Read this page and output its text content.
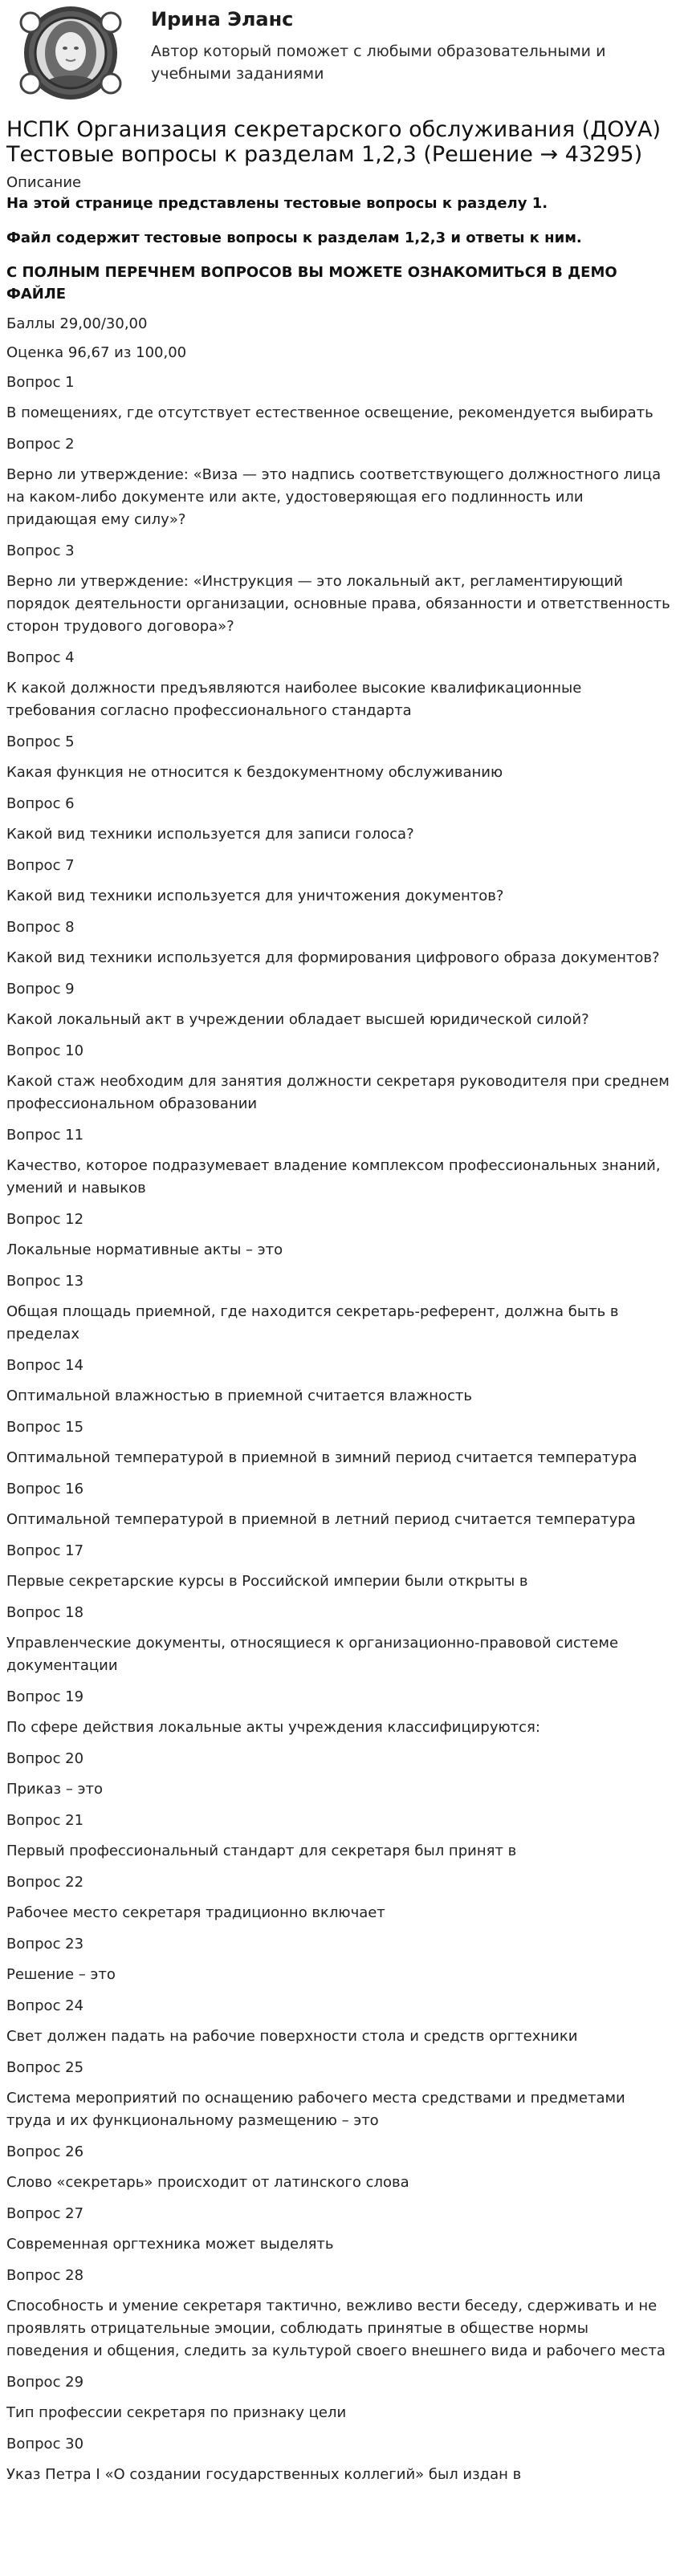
Ирина Эланс
Автор который поможет с любыми образовательными и учебными заданиями
НСПК Организация секретарского обслуживания (ДОУА) Тестовые вопросы к разделам 1,2,3 (Решение → 43295)
Описание
На этой странице представлены тестовые вопросы к разделу 1.
Файл содержит тестовые вопросы к разделам 1,2,3 и ответы к ним.
С ПОЛНЫМ ПЕРЕЧНЕМ ВОПРОСОВ ВЫ МОЖЕТЕ ОЗНАКОМИТЬСЯ В ДЕМО ФАЙЛЕ
Баллы 29,00/30,00
Оценка 96,67 из 100,00
Вопрос 1
В помещениях, где отсутствует естественное освещение, рекомендуется выбирать
Вопрос 2
Верно ли утверждение: «Виза — это надпись соответствующего должностного лица на каком-либо документе или акте, удостоверяющая его подлинность или придающая ему силу»?
Вопрос 3
Верно ли утверждение: «Инструкция — это локальный акт, регламентирующий порядок деятельности организации, основные права, обязанности и ответственность сторон трудового договора»?
Вопрос 4
К какой должности предъявляются наиболее высокие квалификационные требования согласно профессионального стандарта
Вопрос 5
Какая функция не относится к бездокументному обслуживанию
Вопрос 6
Какой вид техники используется для записи голоса?
Вопрос 7
Какой вид техники используется для уничтожения документов?
Вопрос 8
Какой вид техники используется для формирования цифрового образа документов?
Вопрос 9
Какой локальный акт в учреждении обладает высшей юридической силой?
Вопрос 10
Какой стаж необходим для занятия должности секретаря руководителя при среднем профессиональном образовании
Вопрос 11
Качество, которое подразумевает владение комплексом профессиональных знаний, умений и навыков
Вопрос 12
Локальные нормативные акты – это
Вопрос 13
Общая площадь приемной, где находится секретарь-референт, должна быть в пределах
Вопрос 14
Оптимальной влажностью в приемной считается влажность
Вопрос 15
Оптимальной температурой в приемной в зимний период считается температура
Вопрос 16
Оптимальной температурой в приемной в летний период считается температура
Вопрос 17
Первые секретарские курсы в Российской империи были открыты в
Вопрос 18
Управленческие документы, относящиеся к организационно-правовой системе документации
Вопрос 19
По сфере действия локальные акты учреждения классифицируются:
Вопрос 20
Приказ – это
Вопрос 21
Первый профессиональный стандарт для секретаря был принят в
Вопрос 22
Рабочее место секретаря традиционно включает
Вопрос 23
Решение – это
Вопрос 24
Свет должен падать на рабочие поверхности стола и средств оргтехники
Вопрос 25
Система мероприятий по оснащению рабочего места средствами и предметами труда и их функциональному размещению – это
Вопрос 26
Слово «секретарь» происходит от латинского слова
Вопрос 27
Современная оргтехника может выделять
Вопрос 28
Способность и умение секретаря тактично, вежливо вести беседу, сдерживать и не проявлять отрицательные эмоции, соблюдать принятые в обществе нормы поведения и общения, следить за культурой своего внешнего вида и рабочего места
Вопрос 29
Тип профессии секретаря по признаку цели
Вопрос 30
Указ Петра I «О создании государственных коллегий» был издан в
